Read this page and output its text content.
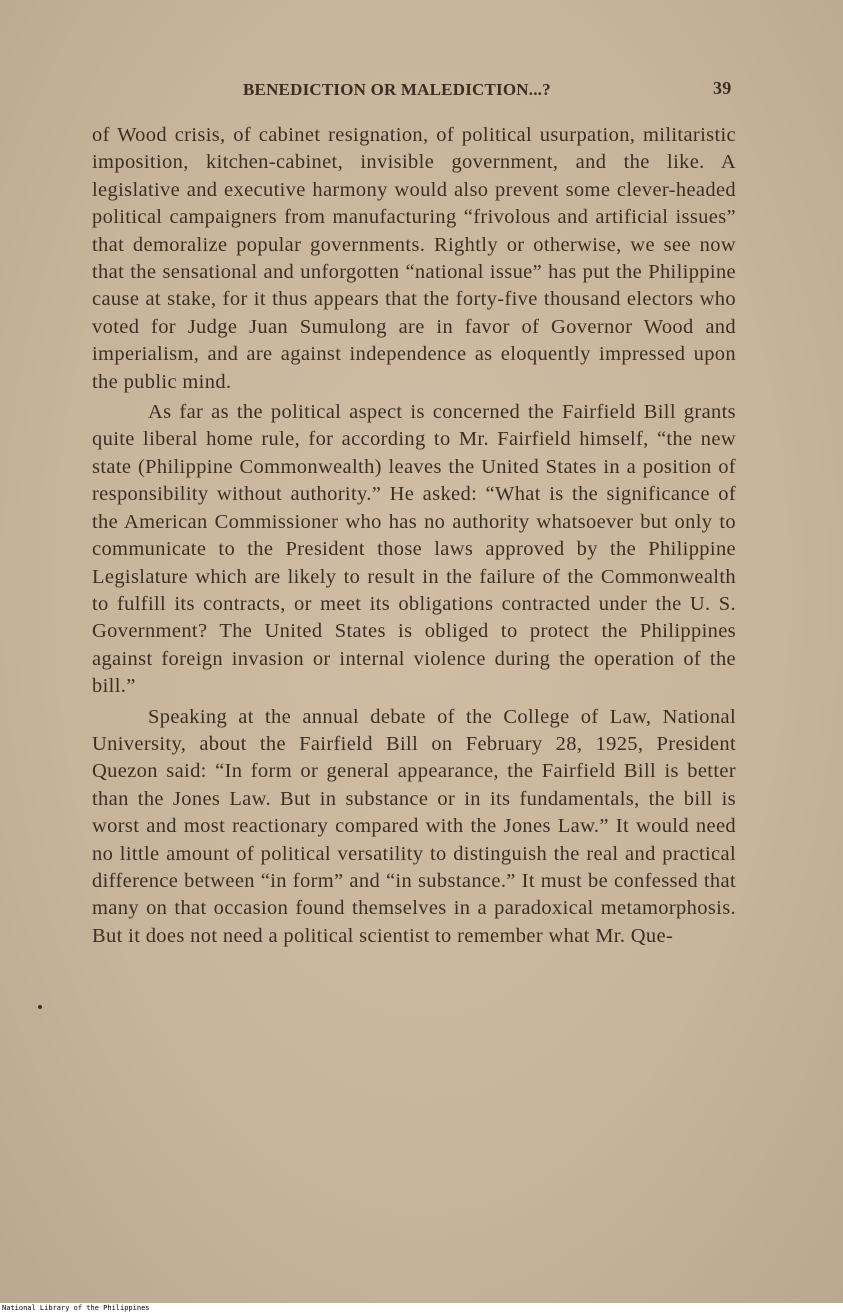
BENEDICTION OR MALEDICTION...?	39

of Wood crisis, of cabinet resignation, of political usurpation, militaristic imposition, kitchen-cabinet, invisible government, and the like. A legislative and executive harmony would also prevent some clever-headed political campaigners from manufacturing “frivolous and artificial issues” that demoralize popular governments. Rightly or otherwise, we see now that the sensational and unforgotten “national issue” has put the Philippine cause at stake, for it thus appears that the forty-five thousand electors who voted for Judge Juan Sumulong are in favor of Governor Wood and imperialism, and are against independence as eloquently impressed upon the public mind.

As far as the political aspect is concerned the Fairfield Bill grants quite liberal home rule, for according to Mr. Fairfield himself, “the new state (Philippine Commonwealth) leaves the United States in a position of responsibility without authority.” He asked: “What is the significance of the American Commissioner who has no authority whatsoever but only to communicate to the President those laws approved by the Philippine Legislature which are likely to result in the failure of the Commonwealth to fulfill its contracts, or meet its obligations contracted under the U. S. Government? The United States is obliged to protect the Philippines against foreign invasion or internal violence during the operation of the bill.”

Speaking at the annual debate of the College of Law, National University, about the Fairfield Bill on February 28, 1925, President Quezon said: “In form or general appearance, the Fairfield Bill is better than the Jones Law. But in substance or in its fundamentals, the bill is worst and most reactionary compared with the Jones Law.” It would need no little amount of political versatility to distinguish the real and practical difference between “in form” and “in substance.” It must be confessed that many on that occasion found themselves in a paradoxical metamorphosis. But it does not need a political scientist to remember what Mr. Que-

National Library of the Philippines
